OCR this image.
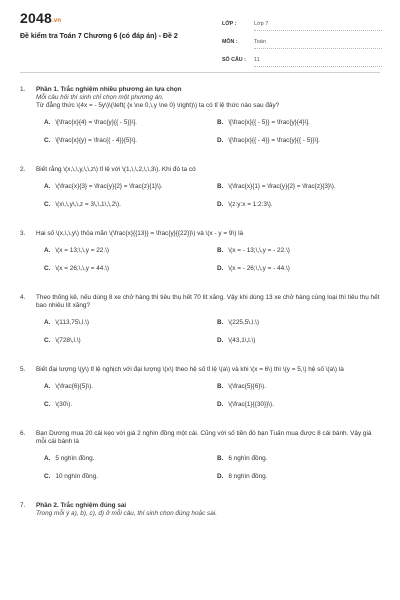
2048.vn
Đề kiểm tra Toán 7 Chương 6 (có đáp án) - Đề 2
LỚP :	Lớp 7
MÔN :	Toán
SỐ CÂU :	11
1.	Phần 1. Trắc nghiệm nhiều phương án lựa chọn
Mỗi câu hỏi thí sinh chỉ chọn một phương án.
Từ đẳng thức \(4x = - 5y\)\(\left( {x \ne 0,\,y \ne 0} \right)\) ta có tỉ lệ thức nào sau đây?
A. \[\frac{x}{4} = \frac{y}{{ - 5}}\].	B. \[\frac{x}{{ - 5}} = \frac{y}{4}\].
C. \[\frac{x}{y} = \frac{{ - 4}}{5}\].	D. \[\frac{x}{{ - 4}} = \frac{y}{{ - 5}}\].
2.	Biết rằng \(x,\,\,y,\,\,z\) tỉ lệ với \(1,\,\,2,\,\,3\). Khi đó ta có
A. \(\frac{x}{3} = \frac{y}{2} = \frac{z}{1}\).	B. \(\frac{x}{1} = \frac{y}{2} = \frac{z}{3}\).
C. \(x\,\,y\,\,z = 3\,\,1\,\,2\).	D. \(z:y:x = 1:2:3\).
3.	Hai số \(x,\,\,y\) thỏa mãn \(\frac{x}{{13}} = \frac{y}{{22}}\) và \(x - y = 9\) là
A. \(x = 13;\,\,y = 22.\)	B. \(x = - 13;\,\,y = - 22.\)
C. \(x = 26;\,\,y = 44.\)	D. \(x = - 26;\,\,y = - 44.\)
4.	Theo thống kê, nếu dùng 8 xe chở hàng thì tiêu thụ hết 70 lít xăng. Vậy khi dùng 13 xe chở hàng cùng loại thì tiêu thụ hết bao nhiêu lít xăng?
A. \(113,75\,l.\)	B. \(225,5\,l.\)
C. \(728\,l.\)	D. \(43,1\,l.\)
5.	Biết đại lượng \(y\) tỉ lệ nghịch với đại lượng \(x\) theo hệ số tỉ lệ \(a\) và khi \(x = 6\) thì \(y = 5,\) hệ số \(a\) là
A. \(\frac{6}{5}\).	B. \(\frac{5}{6}\).
C. \(30\).	D. \(\frac{1}{{30}}\).
6.	Bạn Dương mua 20 cái kẹo với giá 2 nghìn đồng một cái. Cũng với số tiền đó bạn Tuấn mua được 8 cái bánh. Vậy giá mỗi cái bánh là
A. 5 nghìn đồng.	B. 6 nghìn đồng.
C. 10 nghìn đồng.	D. 8 nghìn đồng.
7.	Phần 2. Trắc nghiệm đúng sai
Trong mỗi ý a), b), c), d) ở mỗi câu, thí sinh chọn đúng hoặc sai.
